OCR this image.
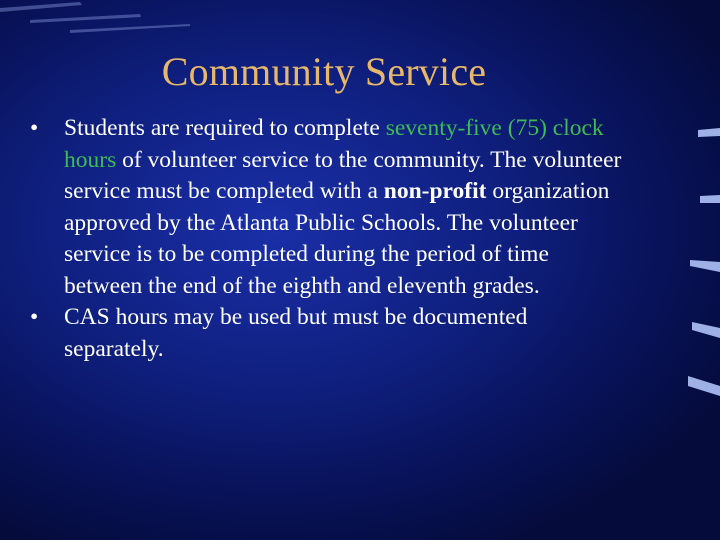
Community Service
• Students are required to complete seventy-five (75) clock hours of volunteer service to the community. The volunteer service must be completed with a non-profit organization approved by the Atlanta Public Schools. The volunteer service is to be completed during the period of time between the end of the eighth and eleventh grades.
• CAS hours may be used but must be documented separately.
